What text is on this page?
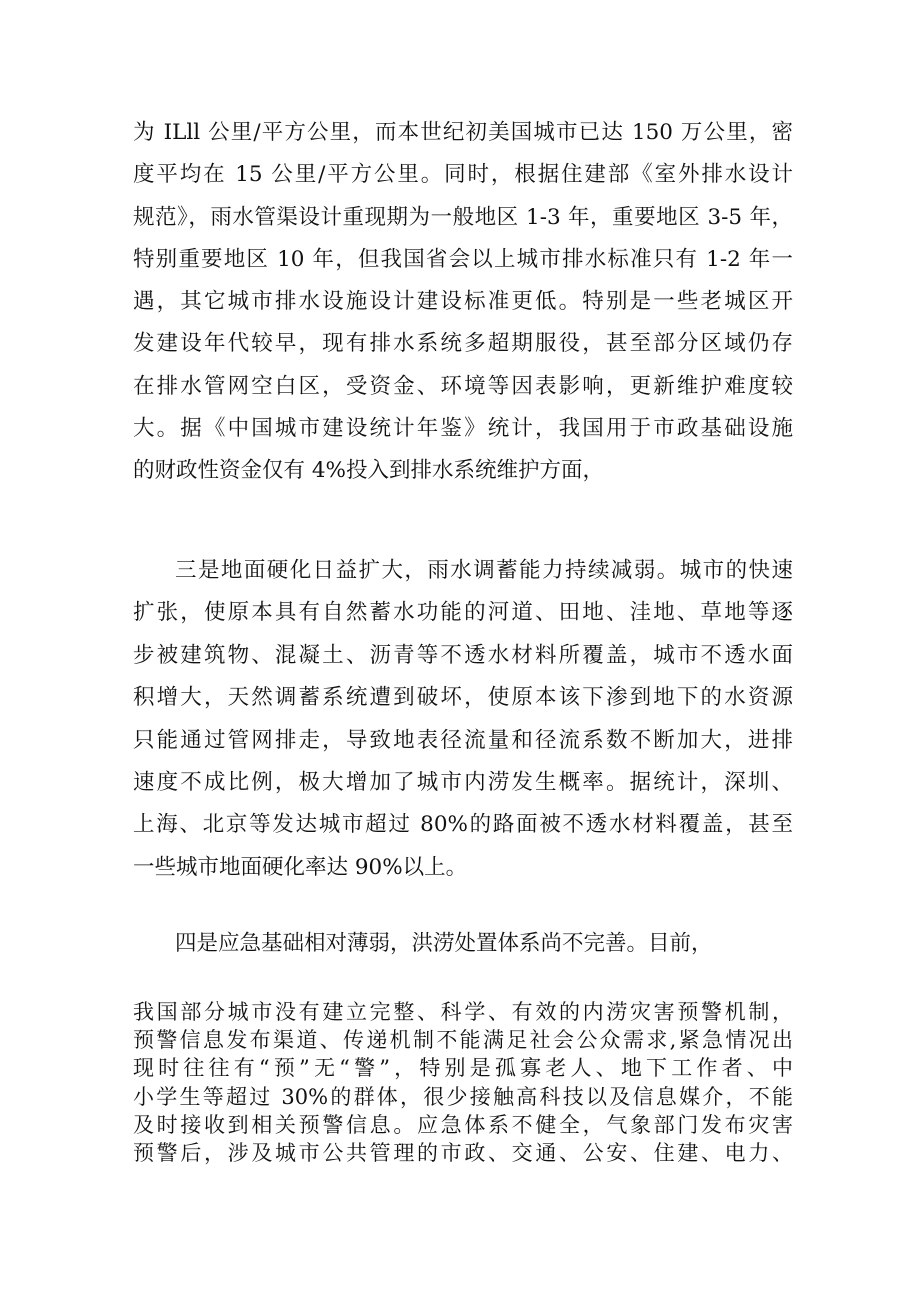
为 ILll 公里/平方公里，而本世纪初美国城市已达 150 万公里，密
度平均在 15 公里/平方公里。同时，根据住建部《室外排水设计
规范》，雨水管渠设计重现期为一般地区 1-3 年，重要地区 3-5 年，
特别重要地区 10 年，但我国省会以上城市排水标准只有 1-2 年一
遇，其它城市排水设施设计建设标准更低。特别是一些老城区开
发建设年代较早，现有排水系统多超期服役，甚至部分区域仍存
在排水管网空白区，受资金、环境等因表影响，更新维护难度较
大。据《中国城市建设统计年鉴》统计，我国用于市政基础设施
的财政性资金仅有 4%投入到排水系统维护方面，
三是地面硬化日益扩大，雨水调蓄能力持续减弱。城市的快速
扩张，使原本具有自然蓄水功能的河道、田地、洼地、草地等逐
步被建筑物、混凝土、沥青等不透水材料所覆盖，城市不透水面
积增大，天然调蓄系统遭到破坏，使原本该下渗到地下的水资源
只能通过管网排走，导致地表径流量和径流系数不断加大，进排
速度不成比例，极大增加了城市内涝发生概率。据统计，深圳、
上海、北京等发达城市超过 80%的路面被不透水材料覆盖，甚至
一些城市地面硬化率达 90%以上。
四是应急基础相对薄弱，洪涝处置体系尚不完善。目前，
我国部分城市没有建立完整、科学、有效的内涝灾害预警机制，
预警信息发布渠道、传递机制不能满足社会公众需求,紧急情况出
现时往往有“预”无“警”，特别是孤寡老人、地下工作者、中
小学生等超过 30%的群体，很少接触高科技以及信息媒介，不能
及时接收到相关预警信息。应急体系不健全，气象部门发布灾害
预警后，涉及城市公共管理的市政、交通、公安、住建、电力、
